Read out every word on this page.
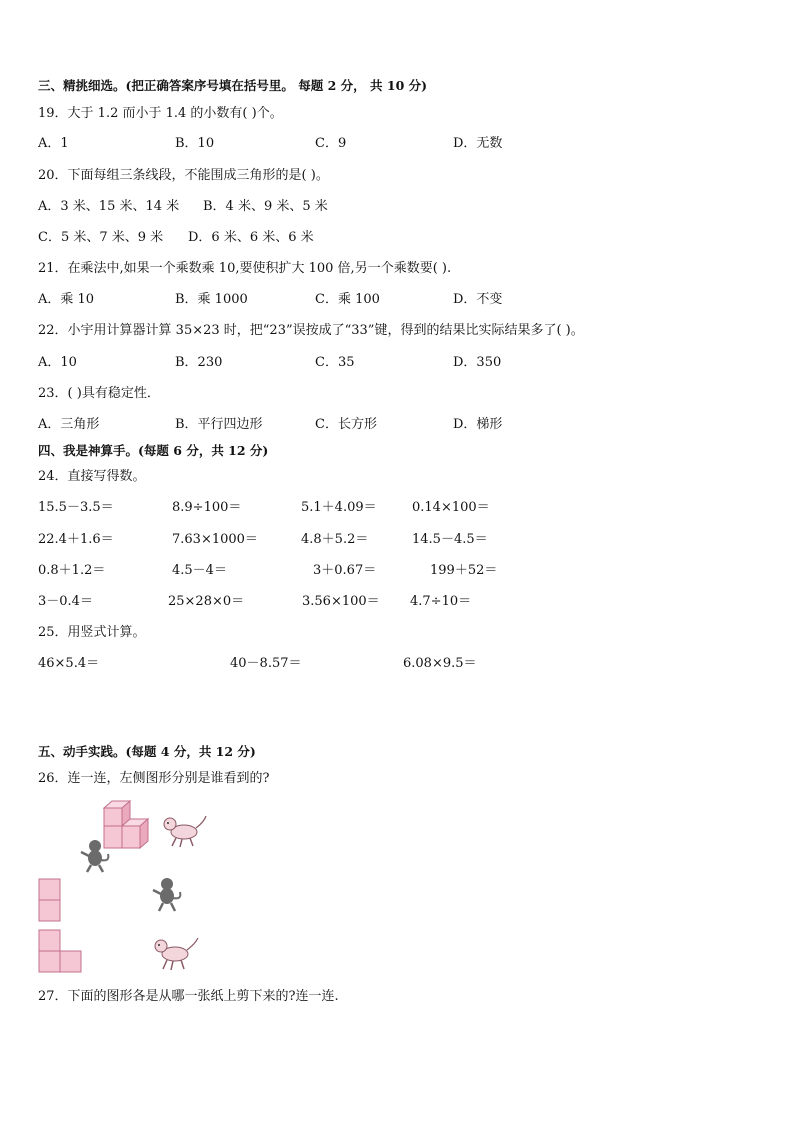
三、精挑细选。(把正确答案序号填在括号里。 每题 2 分， 共 10 分)
19．大于 1.2 而小于 1.4 的小数有( )个。
A．1	B．10	C．9	D．无数
20．下面每组三条线段，不能围成三角形的是( )。
A．3 米、15 米、14 米 B．4 米、9 米、5 米
C．5 米、7 米、9 米 D．6 米、6 米、6 米
21．在乘法中,如果一个乘数乘 10,要使积扩大 100 倍,另一个乘数要( ).
A．乘 10	B．乘 1000	C．乘 100	D．不变
22．小宇用计算器计算 35×23 时，把“23”误按成了“33”键，得到的结果比实际结果多了( )。
A．10	B．230	C．35	D．350
23．( )具有稳定性．
A．三角形	B．平行四边形	C．长方形	D．梯形
四、我是神算手。(每题 6 分，共 12 分)
24．直接写得数。
15.5－3.5＝	8.9÷100＝	5.1＋4.09＝	0.14×100＝
22.4＋1.6＝	7.63×1000＝	4.8＋5.2＝	14.5－4.5＝
0.8＋1.2＝	4.5－4＝	3＋0.67＝	199＋52＝
3－0.4＝	25×28×0＝	3.56×100＝ 4.7÷10＝
25．用竖式计算。
46×5.4＝	40－8.57＝	6.08×9.5＝
五、动手实践。(每题 4 分，共 12 分)
26．连一连，左侧图形分别是谁看到的?
27．下面的图形各是从哪一张纸上剪下来的?连一连.
